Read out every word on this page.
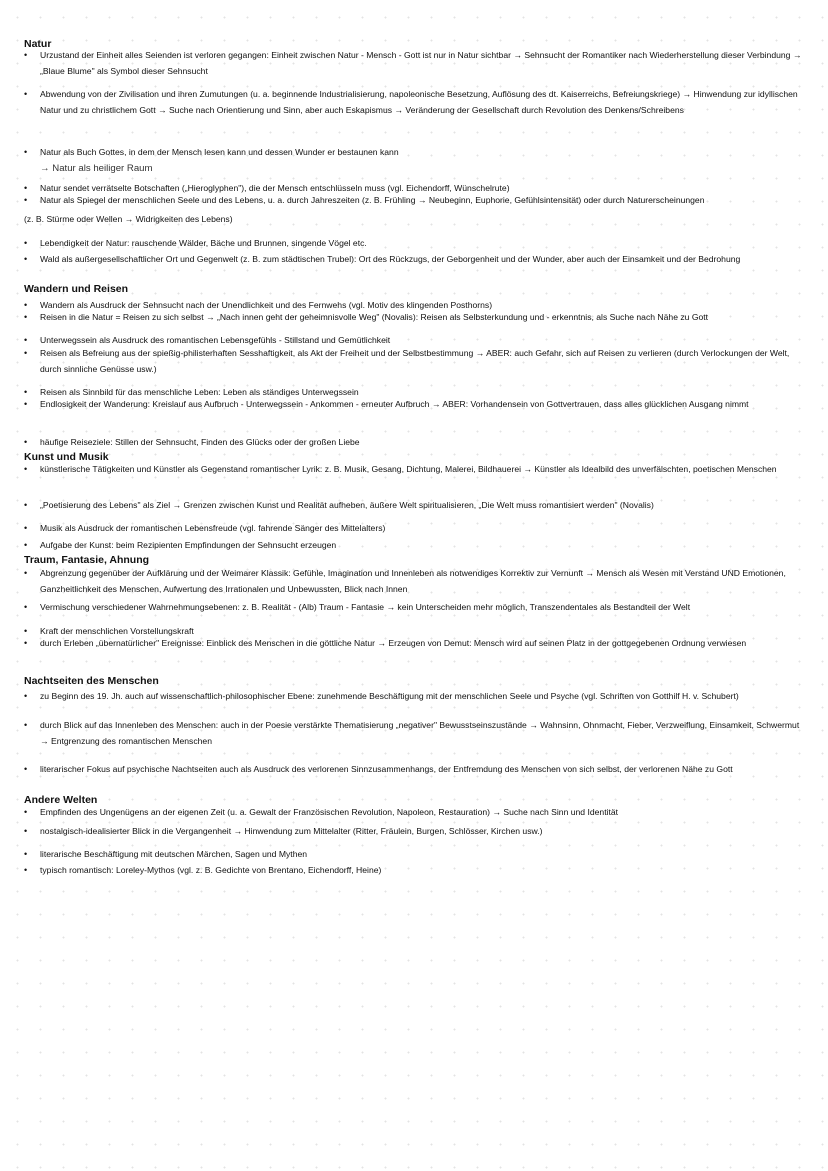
Natur
• Urzustand der Einheit alles Seienden ist verloren gegangen: Einheit zwischen Natur - Mensch - Gott ist nur in Natur sichtbar → Sehnsucht der Romantiker nach Wiederherstellung dieser Verbindung → „Blaue Blume" als Symbol dieser Sehnsucht
• Abwendung von der Zivilisation und ihren Zumutungen (u. a. beginnende Industrialisierung, napoleonische Besetzung, Auflösung des dt. Kaiserreichs, Befreiungskriege) → Hinwendung zur idyllischen Natur und zu christlichem Gott → Suche nach Orientierung und Sinn, aber auch Eskapismus → Veränderung der Gesellschaft durch Revolution des Denkens/Schreibens
• Natur als Buch Gottes, in dem der Mensch lesen kann und dessen Wunder er bestaunen kann
→ Natur als heiliger Raum
• Natur sendet verrätselte Botschaften („Hieroglyphen"), die der Mensch entschlüsseln muss (vgl. Eichendorff, Wünschelrute)
• Natur als Spiegel der menschlichen Seele und des Lebens, u. a. durch Jahreszeiten (z. B. Frühling → Neubeginn, Euphorie, Gefühlsintensität) oder durch Naturerscheinungen
(z. B. Stürme oder Wellen → Widrigkeiten des Lebens)
• Lebendigkeit der Natur: rauschende Wälder, Bäche und Brunnen, singende Vögel etc.
• Wald als außergesellschaftlicher Ort und Gegenwelt (z. B. zum städtischen Trubel): Ort des Rückzugs, der Geborgenheit und der Wunder, aber auch der Einsamkeit und der Bedrohung
Wandern und Reisen
• Wandern als Ausdruck der Sehnsucht nach der Unendlichkeit und des Fernwehs (vgl. Motiv des klingenden Posthorns)
• Reisen in die Natur = Reisen zu sich selbst → „Nach innen geht der geheimnisvolle Weg" (Novalis): Reisen als Selbsterkundung und - erkenntnis, als Suche nach Nähe zu Gott
• Unterwegssein als Ausdruck des romantischen Lebensgefühls - Stillstand und Gemütlichkeit
• Reisen als Befreiung aus der spießig-philisterhaften Sesshaftigkeit, als Akt der Freiheit und der Selbstbestimmung → ABER: auch Gefahr, sich auf Reisen zu verlieren (durch Verlockungen der Welt, durch sinnliche Genüsse usw.)
• Reisen als Sinnbild für das menschliche Leben: Leben als ständiges Unterwegssein
• Endlosigkeit der Wanderung: Kreislauf aus Aufbruch - Unterwegssein - Ankommen - erneuter Aufbruch → ABER: Vorhandensein von Gottvertrauen, dass alles glücklichen Ausgang nimmt
• häufige Reiseziele: Stillen der Sehnsucht, Finden des Glücks oder der großen Liebe
Kunst und Musik
• künstlerische Tätigkeiten und Künstler als Gegenstand romantischer Lyrik: z. B. Musik, Gesang, Dichtung, Malerei, Bildhauerei → Künstler als Idealbild des unverfälschten, poetischen Menschen
• „Poetisierung des Lebens" als Ziel → Grenzen zwischen Kunst und Realität aufheben, äußere Welt spiritualisieren, „Die Welt muss romantisiert werden" (Novalis)
• Musik als Ausdruck der romantischen Lebensfreude (vgl. fahrende Sänger des Mittelalters)
• Aufgabe der Kunst: beim Rezipienten Empfindungen der Sehnsucht erzeugen
Traum, Fantasie, Ahnung
• Abgrenzung gegenüber der Aufklärung und der Weimarer Klassik: Gefühle, Imagination und Innenleben als notwendiges Korrektiv zur Vernunft → Mensch als Wesen mit Verstand UND Emotionen, Ganzheitlichkeit des Menschen, Aufwertung des Irrationalen und Unbewussten, Blick nach Innen
• Vermischung verschiedener Wahrnehmungsebenen: z. B. Realität - (Alb) Traum - Fantasie → kein Unterscheiden mehr möglich, Transzendentales als Bestandteil der Welt
• Kraft der menschlichen Vorstellungskraft
• durch Erleben „übernatürlicher" Ereignisse: Einblick des Menschen in die göttliche Natur → Erzeugen von Demut: Mensch wird auf seinen Platz in der gottgegebenen Ordnung verwiesen
Nachtseiten des Menschen
• zu Beginn des 19. Jh. auch auf wissenschaftlich-philosophischer Ebene: zunehmende Beschäftigung mit der menschlichen Seele und Psyche (vgl. Schriften von Gotthilf H. v. Schubert)
• durch Blick auf das Innenleben des Menschen: auch in der Poesie verstärkte Thematisierung „negativer" Bewusstseinszustände → Wahnsinn, Ohnmacht, Fieber, Verzweiflung, Einsamkeit, Schwermut → Entgrenzung des romantischen Menschen
• literarischer Fokus auf psychische Nachtseiten auch als Ausdruck des verlorenen Sinnzusammenhangs, der Entfremdung des Menschen von sich selbst, der verlorenen Nähe zu Gott
Andere Welten
• Empfinden des Ungenügens an der eigenen Zeit (u. a. Gewalt der Französischen Revolution, Napoleon, Restauration) → Suche nach Sinn und Identität
• nostalgisch-idealisierter Blick in die Vergangenheit → Hinwendung zum Mittelalter (Ritter, Fräulein, Burgen, Schlösser, Kirchen usw.)
• literarische Beschäftigung mit deutschen Märchen, Sagen und Mythen
• typisch romantisch: Loreley-Mythos (vgl. z. B. Gedichte von Brentano, Eichendorff, Heine)
